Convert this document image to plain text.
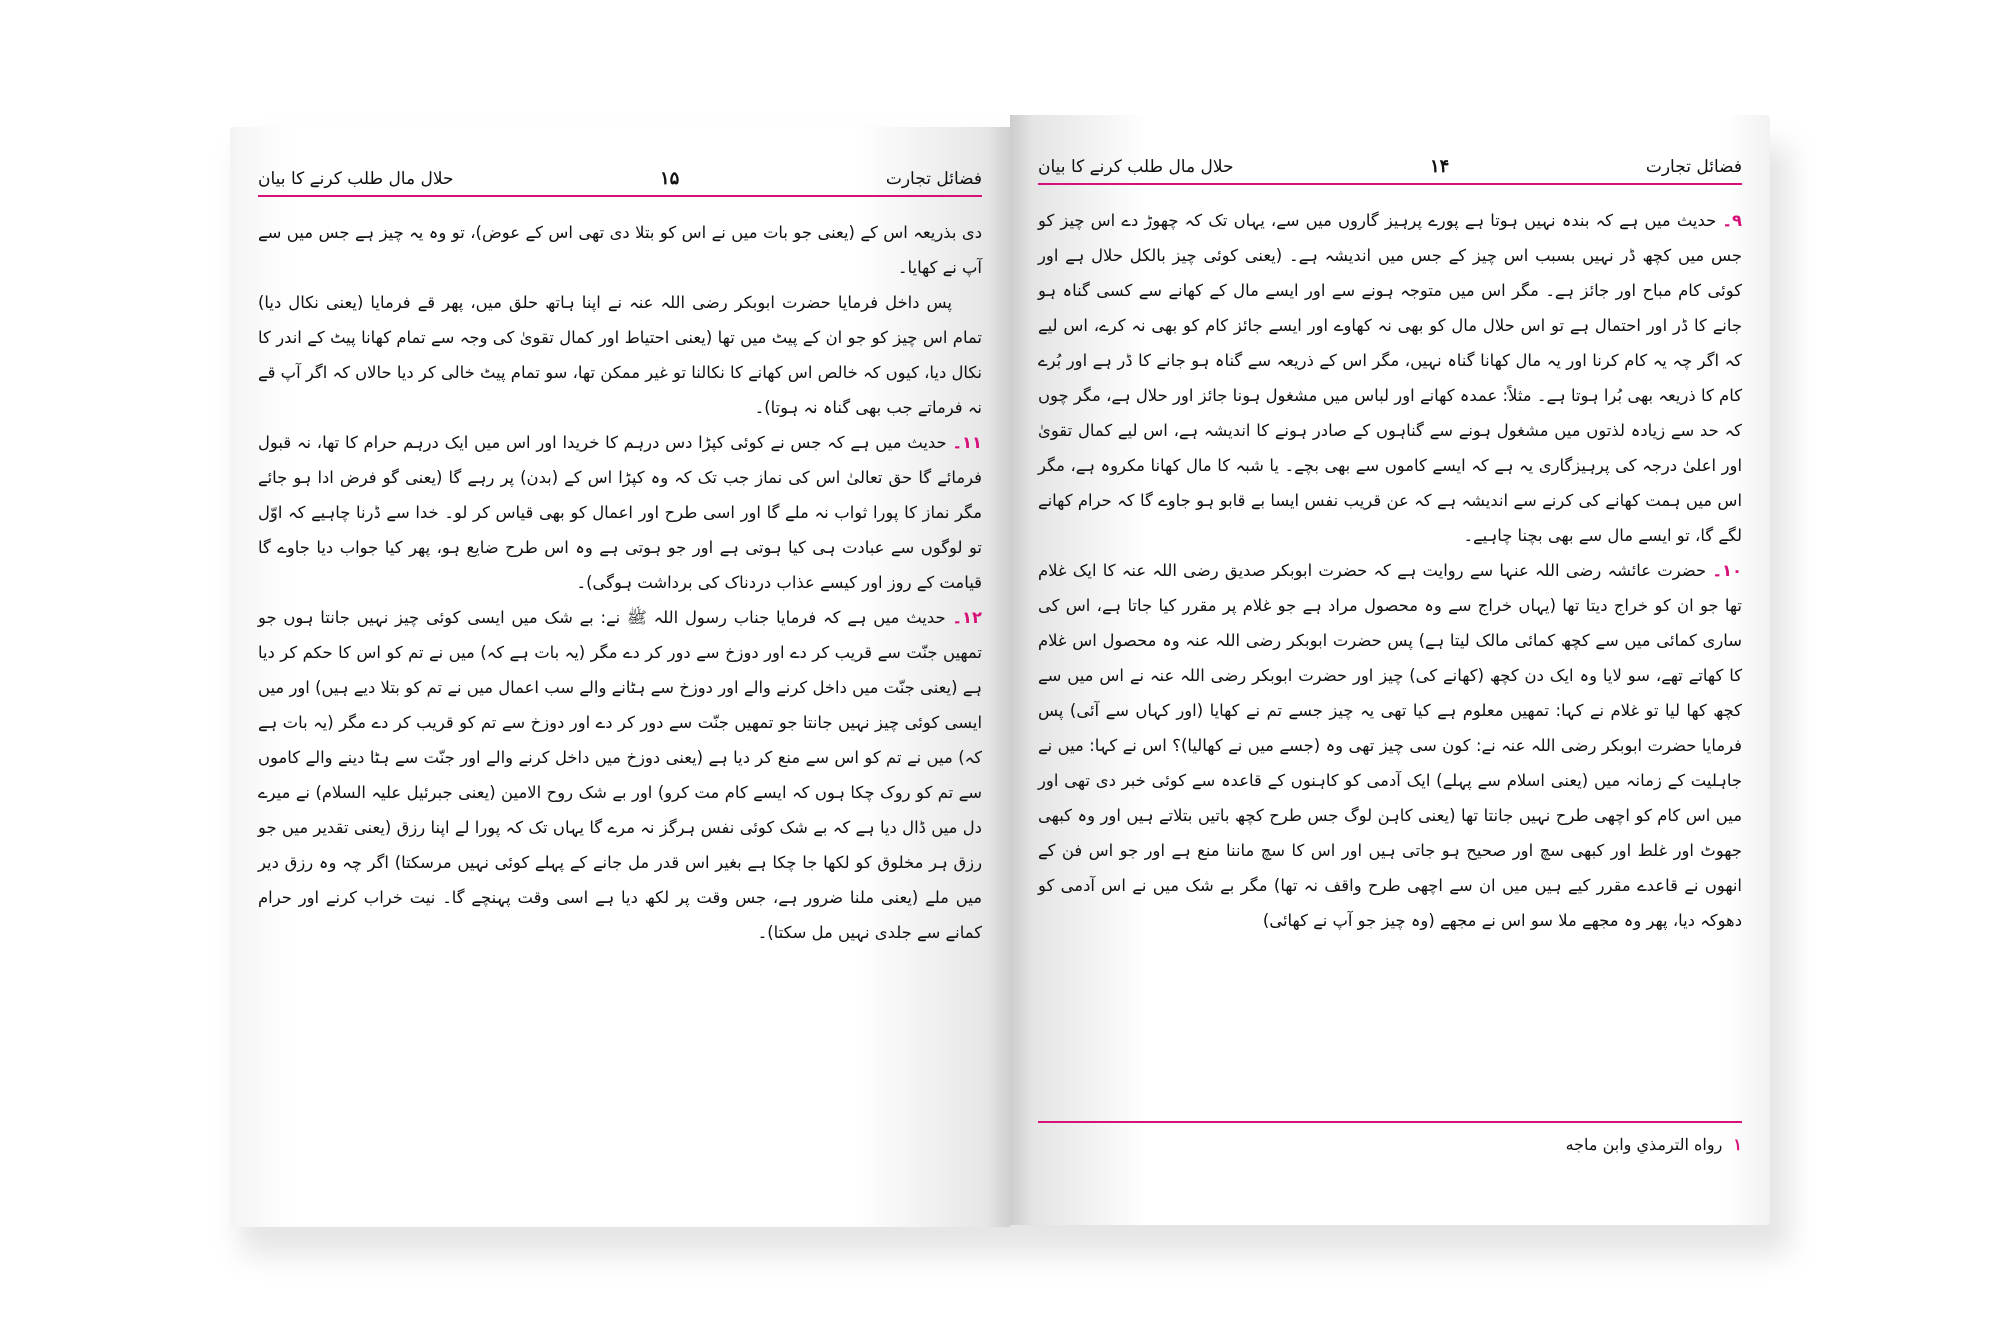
فضائل تجارت
۱۵
حلال مال طلب کرنے کا بیان

دی بذریعہ اس کے (یعنی جو بات میں نے اس کو بتلا دی تھی اس کے عوض)، تو وہ یہ چیز ہے جس میں سے آپ نے کھایا۔

پس داخل فرمایا حضرت ابوبکر رضی اللہ عنہ نے اپنا ہاتھ حلق میں، پھر قے فرمایا (یعنی نکال دیا) تمام اس چیز کو جو ان کے پیٹ میں تھا (یعنی احتیاط اور کمال تقویٰ کی وجہ سے تمام کھانا پیٹ کے اندر کا نکال دیا، کیوں کہ خالص اس کھانے کا نکالنا تو غیر ممکن تھا، سو تمام پیٹ خالی کر دیا حالاں کہ اگر آپ قے نہ فرماتے جب بھی گناہ نہ ہوتا)۔

۱۱۔ حدیث میں ہے کہ جس نے کوئی کپڑا دس درہم کا خریدا اور اس میں ایک درہم حرام کا تھا، نہ قبول فرمائے گا حق تعالیٰ اس کی نماز جب تک کہ وہ کپڑا اس کے (بدن) پر رہے گا (یعنی گو فرض ادا ہو جائے مگر نماز کا پورا ثواب نہ ملے گا اور اسی طرح اور اعمال کو بھی قیاس کر لو۔ خدا سے ڈرنا چاہیے کہ اوّل تو لوگوں سے عبادت ہی کیا ہوتی ہے اور جو ہوتی ہے وہ اس طرح ضایع ہو، پھر کیا جواب دیا جاوے گا قیامت کے روز اور کیسے عذاب دردناک کی برداشت ہوگی)۔

۱۲۔ حدیث میں ہے کہ فرمایا جناب رسول اللہ ﷺ نے: بے شک میں ایسی کوئی چیز نہیں جانتا ہوں جو تمھیں جنّت سے قریب کر دے اور دوزخ سے دور کر دے مگر (یہ بات ہے کہ) میں نے تم کو اس کا حکم کر دیا ہے (یعنی جنّت میں داخل کرنے والے اور دوزخ سے ہٹانے والے سب اعمال میں نے تم کو بتلا دیے ہیں) اور میں ایسی کوئی چیز نہیں جانتا جو تمھیں جنّت سے دور کر دے اور دوزخ سے تم کو قریب کر دے مگر (یہ بات ہے کہ) میں نے تم کو اس سے منع کر دیا ہے (یعنی دوزخ میں داخل کرنے والے اور جنّت سے ہٹا دینے والے کاموں سے تم کو روک چکا ہوں کہ ایسے کام مت کرو) اور بے شک روح الامین (یعنی جبرئیل علیہ السلام) نے میرے دل میں ڈال دیا ہے کہ بے شک کوئی نفس ہرگز نہ مرے گا یہاں تک کہ پورا لے اپنا رزق (یعنی تقدیر میں جو رزق ہر مخلوق کو لکھا جا چکا ہے بغیر اس قدر مل جانے کے پہلے کوئی نہیں مرسکتا) اگر چہ وہ رزق دیر میں ملے (یعنی ملنا ضرور ہے، جس وقت پر لکھ دیا ہے اسی وقت پہنچے گا۔ نیت خراب کرنے اور حرام کمانے سے جلدی نہیں مل سکتا)۔

فضائل تجارت
۱۴
حلال مال طلب کرنے کا بیان

۹۔ حدیث میں ہے کہ بندہ نہیں ہوتا ہے پورے پرہیز گاروں میں سے، یہاں تک کہ چھوڑ دے اس چیز کو جس میں کچھ ڈر نہیں بسبب اس چیز کے جس میں اندیشہ ہے۔ (یعنی کوئی چیز بالکل حلال ہے اور کوئی کام مباح اور جائز ہے۔ مگر اس میں متوجہ ہونے سے اور ایسے مال کے کھانے سے کسی گناہ ہو جانے کا ڈر اور احتمال ہے تو اس حلال مال کو بھی نہ کھاوے اور ایسے جائز کام کو بھی نہ کرے، اس لیے کہ اگر چہ یہ کام کرنا اور یہ مال کھانا گناہ نہیں، مگر اس کے ذریعہ سے گناہ ہو جانے کا ڈر ہے اور بُرے کام کا ذریعہ بھی بُرا ہوتا ہے۔ مثلاً: عمدہ کھانے اور لباس میں مشغول ہونا جائز اور حلال ہے، مگر چوں کہ حد سے زیادہ لذتوں میں مشغول ہونے سے گناہوں کے صادر ہونے کا اندیشہ ہے، اس لیے کمال تقویٰ اور اعلیٰ درجہ کی پرہیزگاری یہ ہے کہ ایسے کاموں سے بھی بچے۔ یا شبہ کا مال کھانا مکروہ ہے، مگر اس میں ہمت کھانے کی کرنے سے اندیشہ ہے کہ عن قریب نفس ایسا بے قابو ہو جاوے گا کہ حرام کھانے لگے گا، تو ایسے مال سے بھی بچنا چاہیے۔

۱۰۔ حضرت عائشہ رضی اللہ عنہا سے روایت ہے کہ حضرت ابوبکر صدیق رضی اللہ عنہ کا ایک غلام تھا جو ان کو خراج دیتا تھا (یہاں خراج سے وہ محصول مراد ہے جو غلام پر مقرر کیا جاتا ہے، اس کی ساری کمائی میں سے کچھ کمائی مالک لیتا ہے) پس حضرت ابوبکر رضی اللہ عنہ وہ محصول اس غلام کا کھاتے تھے، سو لایا وہ ایک دن کچھ (کھانے کی) چیز اور حضرت ابوبکر رضی اللہ عنہ نے اس میں سے کچھ کھا لیا تو غلام نے کہا: تمھیں معلوم ہے کیا تھی یہ چیز جسے تم نے کھایا (اور کہاں سے آئی) پس فرمایا حضرت ابوبکر رضی اللہ عنہ نے: کون سی چیز تھی وہ (جسے میں نے کھالیا)؟ اس نے کہا: میں نے جاہلیت کے زمانہ میں (یعنی اسلام سے پہلے) ایک آدمی کو کاہنوں کے قاعدہ سے کوئی خبر دی تھی اور میں اس کام کو اچھی طرح نہیں جانتا تھا (یعنی کاہن لوگ جس طرح کچھ باتیں بتلاتے ہیں اور وہ کبھی جھوٹ اور غلط اور کبھی سچ اور صحیح ہو جاتی ہیں اور اس کا سچ ماننا منع ہے اور جو اس فن کے انھوں نے قاعدے مقرر کیے ہیں میں ان سے اچھی طرح واقف نہ تھا) مگر بے شک میں نے اس آدمی کو دھوکہ دیا، پھر وہ مجھے ملا سو اس نے مجھے (وہ چیز جو آپ نے کھائی)

۱ رواه الترمذي وابن ماجه
